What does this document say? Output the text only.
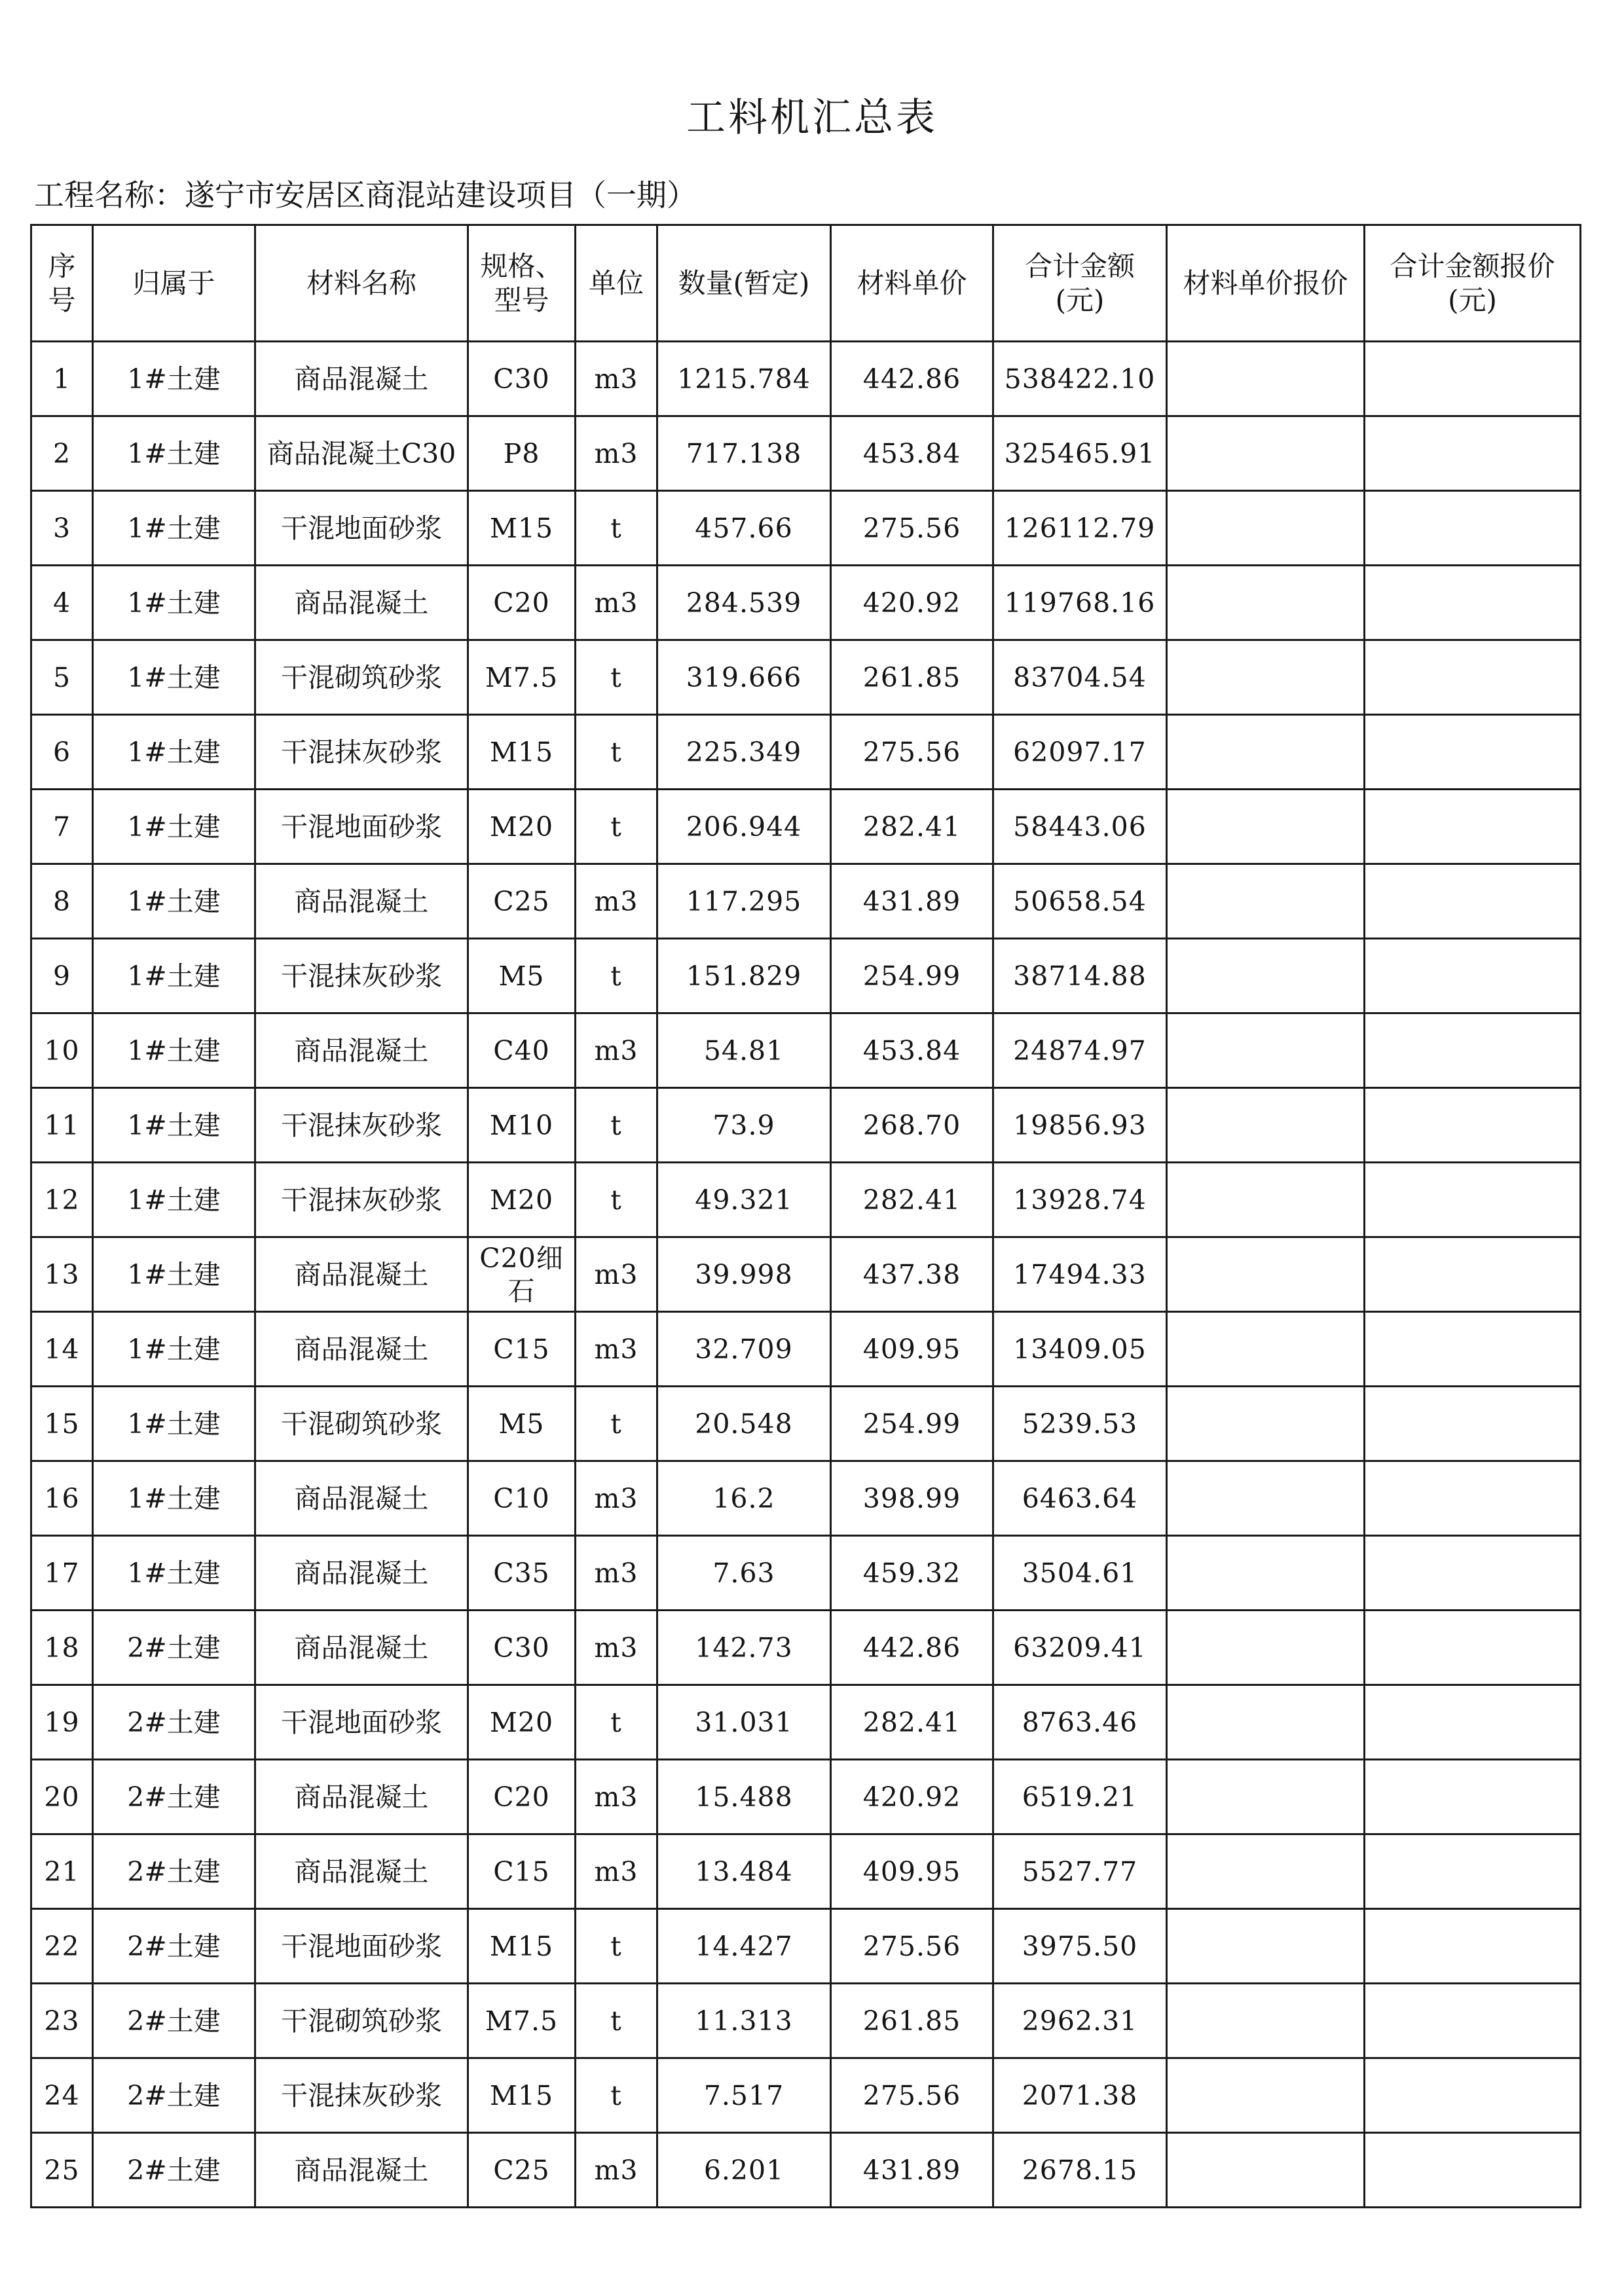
工料机汇总表
工程名称：遂宁市安居区商混站建设项目（一期）
序号	归属于	材料名称	规格、型号	单位	数量(暂定)	材料单价	合计金额(元)	材料单价报价	合计金额报价(元)
1	1#土建	商品混凝土	C30	m3	1215.784	442.86	538422.10		
2	1#土建	商品混凝土C30	P8	m3	717.138	453.84	325465.91		
3	1#土建	干混地面砂浆	M15	t	457.66	275.56	126112.79		
4	1#土建	商品混凝土	C20	m3	284.539	420.92	119768.16		
5	1#土建	干混砌筑砂浆	M7.5	t	319.666	261.85	83704.54		
6	1#土建	干混抹灰砂浆	M15	t	225.349	275.56	62097.17		
7	1#土建	干混地面砂浆	M20	t	206.944	282.41	58443.06		
8	1#土建	商品混凝土	C25	m3	117.295	431.89	50658.54		
9	1#土建	干混抹灰砂浆	M5	t	151.829	254.99	38714.88		
10	1#土建	商品混凝土	C40	m3	54.81	453.84	24874.97		
11	1#土建	干混抹灰砂浆	M10	t	73.9	268.70	19856.93		
12	1#土建	干混抹灰砂浆	M20	t	49.321	282.41	13928.74		
13	1#土建	商品混凝土	C20细石	m3	39.998	437.38	17494.33		
14	1#土建	商品混凝土	C15	m3	32.709	409.95	13409.05		
15	1#土建	干混砌筑砂浆	M5	t	20.548	254.99	5239.53		
16	1#土建	商品混凝土	C10	m3	16.2	398.99	6463.64		
17	1#土建	商品混凝土	C35	m3	7.63	459.32	3504.61		
18	2#土建	商品混凝土	C30	m3	142.73	442.86	63209.41		
19	2#土建	干混地面砂浆	M20	t	31.031	282.41	8763.46		
20	2#土建	商品混凝土	C20	m3	15.488	420.92	6519.21		
21	2#土建	商品混凝土	C15	m3	13.484	409.95	5527.77		
22	2#土建	干混地面砂浆	M15	t	14.427	275.56	3975.50		
23	2#土建	干混砌筑砂浆	M7.5	t	11.313	261.85	2962.31		
24	2#土建	干混抹灰砂浆	M15	t	7.517	275.56	2071.38		
25	2#土建	商品混凝土	C25	m3	6.201	431.89	2678.15		
